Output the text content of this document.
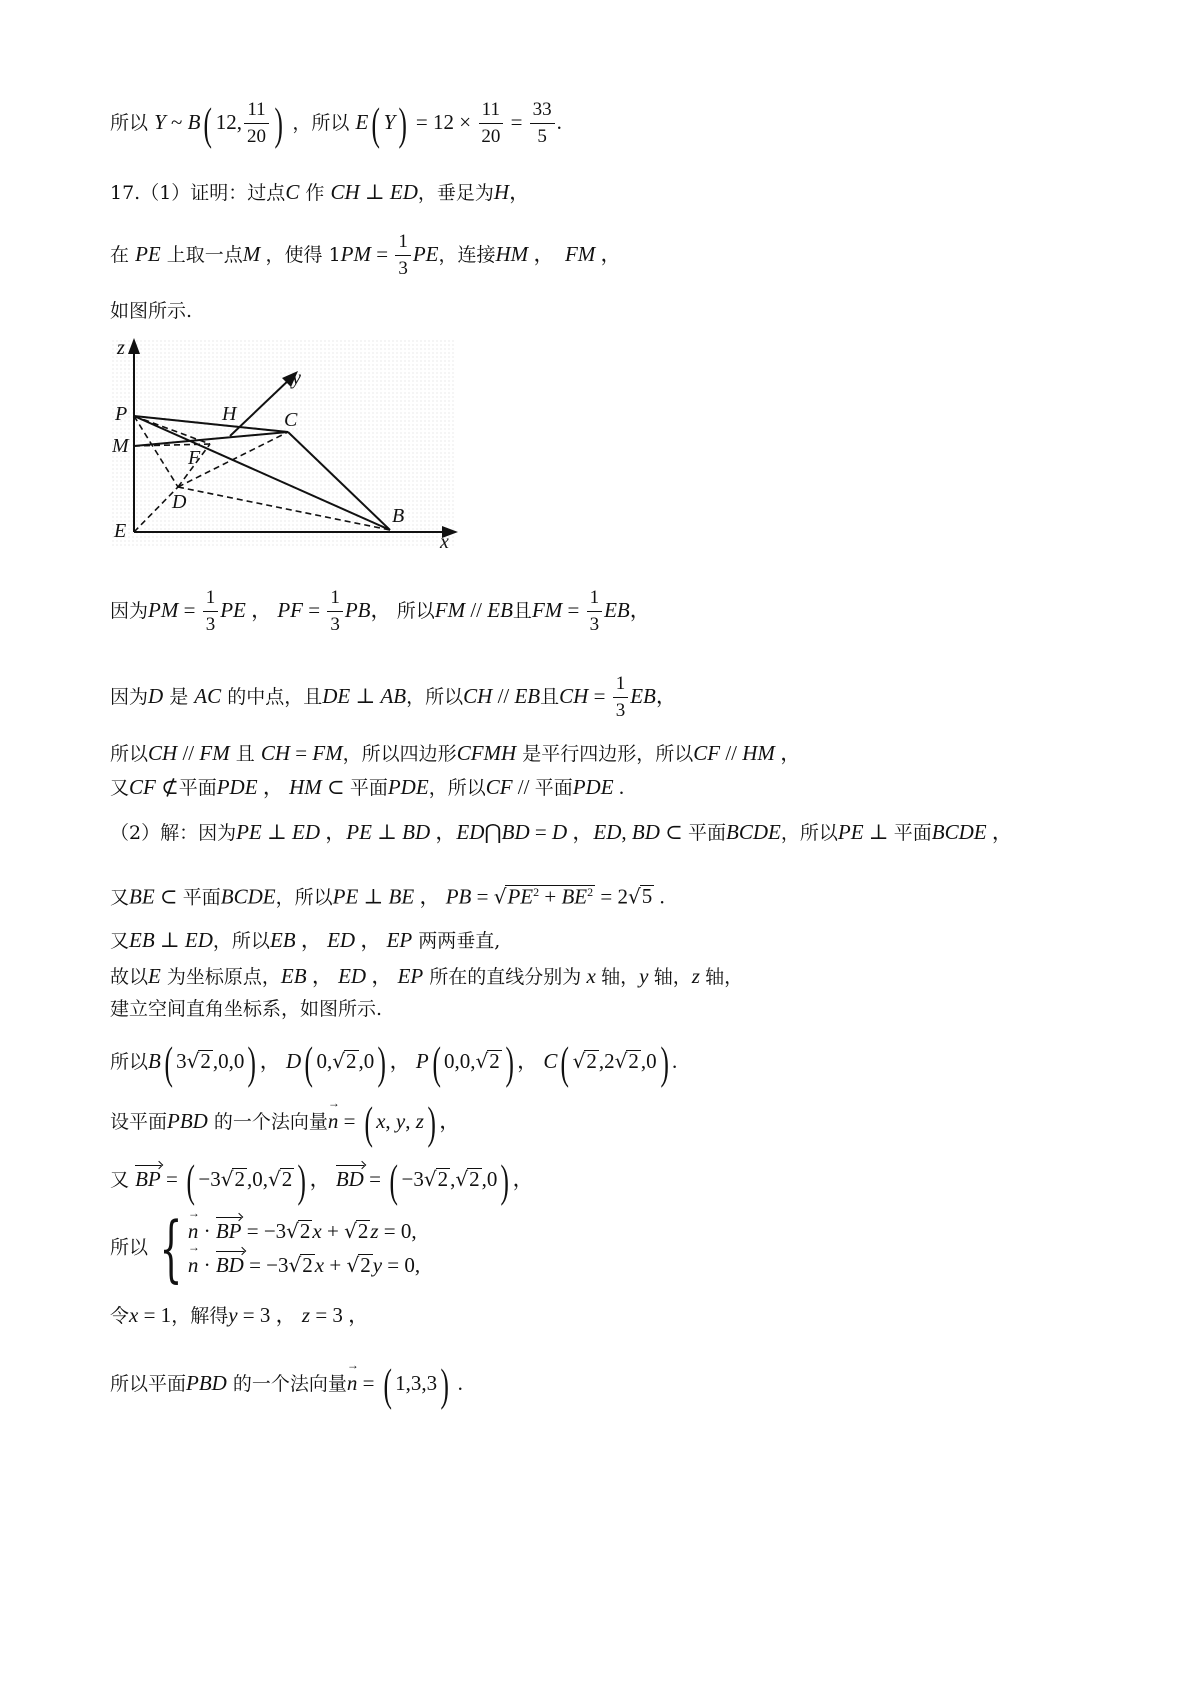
所以 Y ~ B( 12, $\frac{11}{20}$ ) ，所以 E( $Y) = 12 \times \frac{11}{20} = \frac{33}{5}$ .
17.（1）证明：过点C 作 CH ⊥ ED，垂足为H，
在 PE 上取一点M ，使得 $1PM = \frac{1}{3}$ PE，连接HM ，  FM ，
如图所示.
z
y
x
P	H C
M
F
D
E
B
因为PM = $\frac{1}{3}$ PE ， PF = $\frac{1}{3}$ PB， 所以FM // EB且FM = $\frac{1}{3}$ EB，
因为D 是 AC 的中点，且DE ⊥ AB，所以CH // EB且CH = $\frac{1}{3}$ EB，
所以CH // FM 且 CH = FM，所以四边形CFMH 是平行四边形，所以CF // HM ，
又CF ⊄平面PDE ， HM ⊂ 平面PDE，所以CF // 平面PDE .
（2）解：因为PE ⊥ ED ，PE ⊥ BD ，ED⋂BD = D ，ED, BD ⊂ 平面BCDE，所以PE ⊥ 平面BCDE ，
又BE ⊂ 平面BCDE，所以PE ⊥ BE ， PB = $√PE^2 + BE^2 = 2√5$ .
又EB ⊥ ED，所以EB ， ED ， EP 两两垂直,
故以E 为坐标原点，EB ， ED ， EP 所在的直线分别为 x 轴，y 轴，z 轴，
建立空间直角坐标系，如图所示.
所以B( 3√2,0,0) ， D( 0,√2,0) ， P( 0,0,√2 ) ， C( √2,2√2,0) .
设平面PBD 的一个法向量→ n = ( x, y, z) ，
又 BP = ( −3√2,0,√2 ) ， BD = ( −3√2,√2,0) ，
所以 {
→ n · BP = −3√2x + √2z = 0,
→ n · BD = −3√2x + √2y = 0,
令x = 1，解得y = 3 ， z = 3 ，
所以平面PBD 的一个法向量→ n = ( 1,3,3) .
